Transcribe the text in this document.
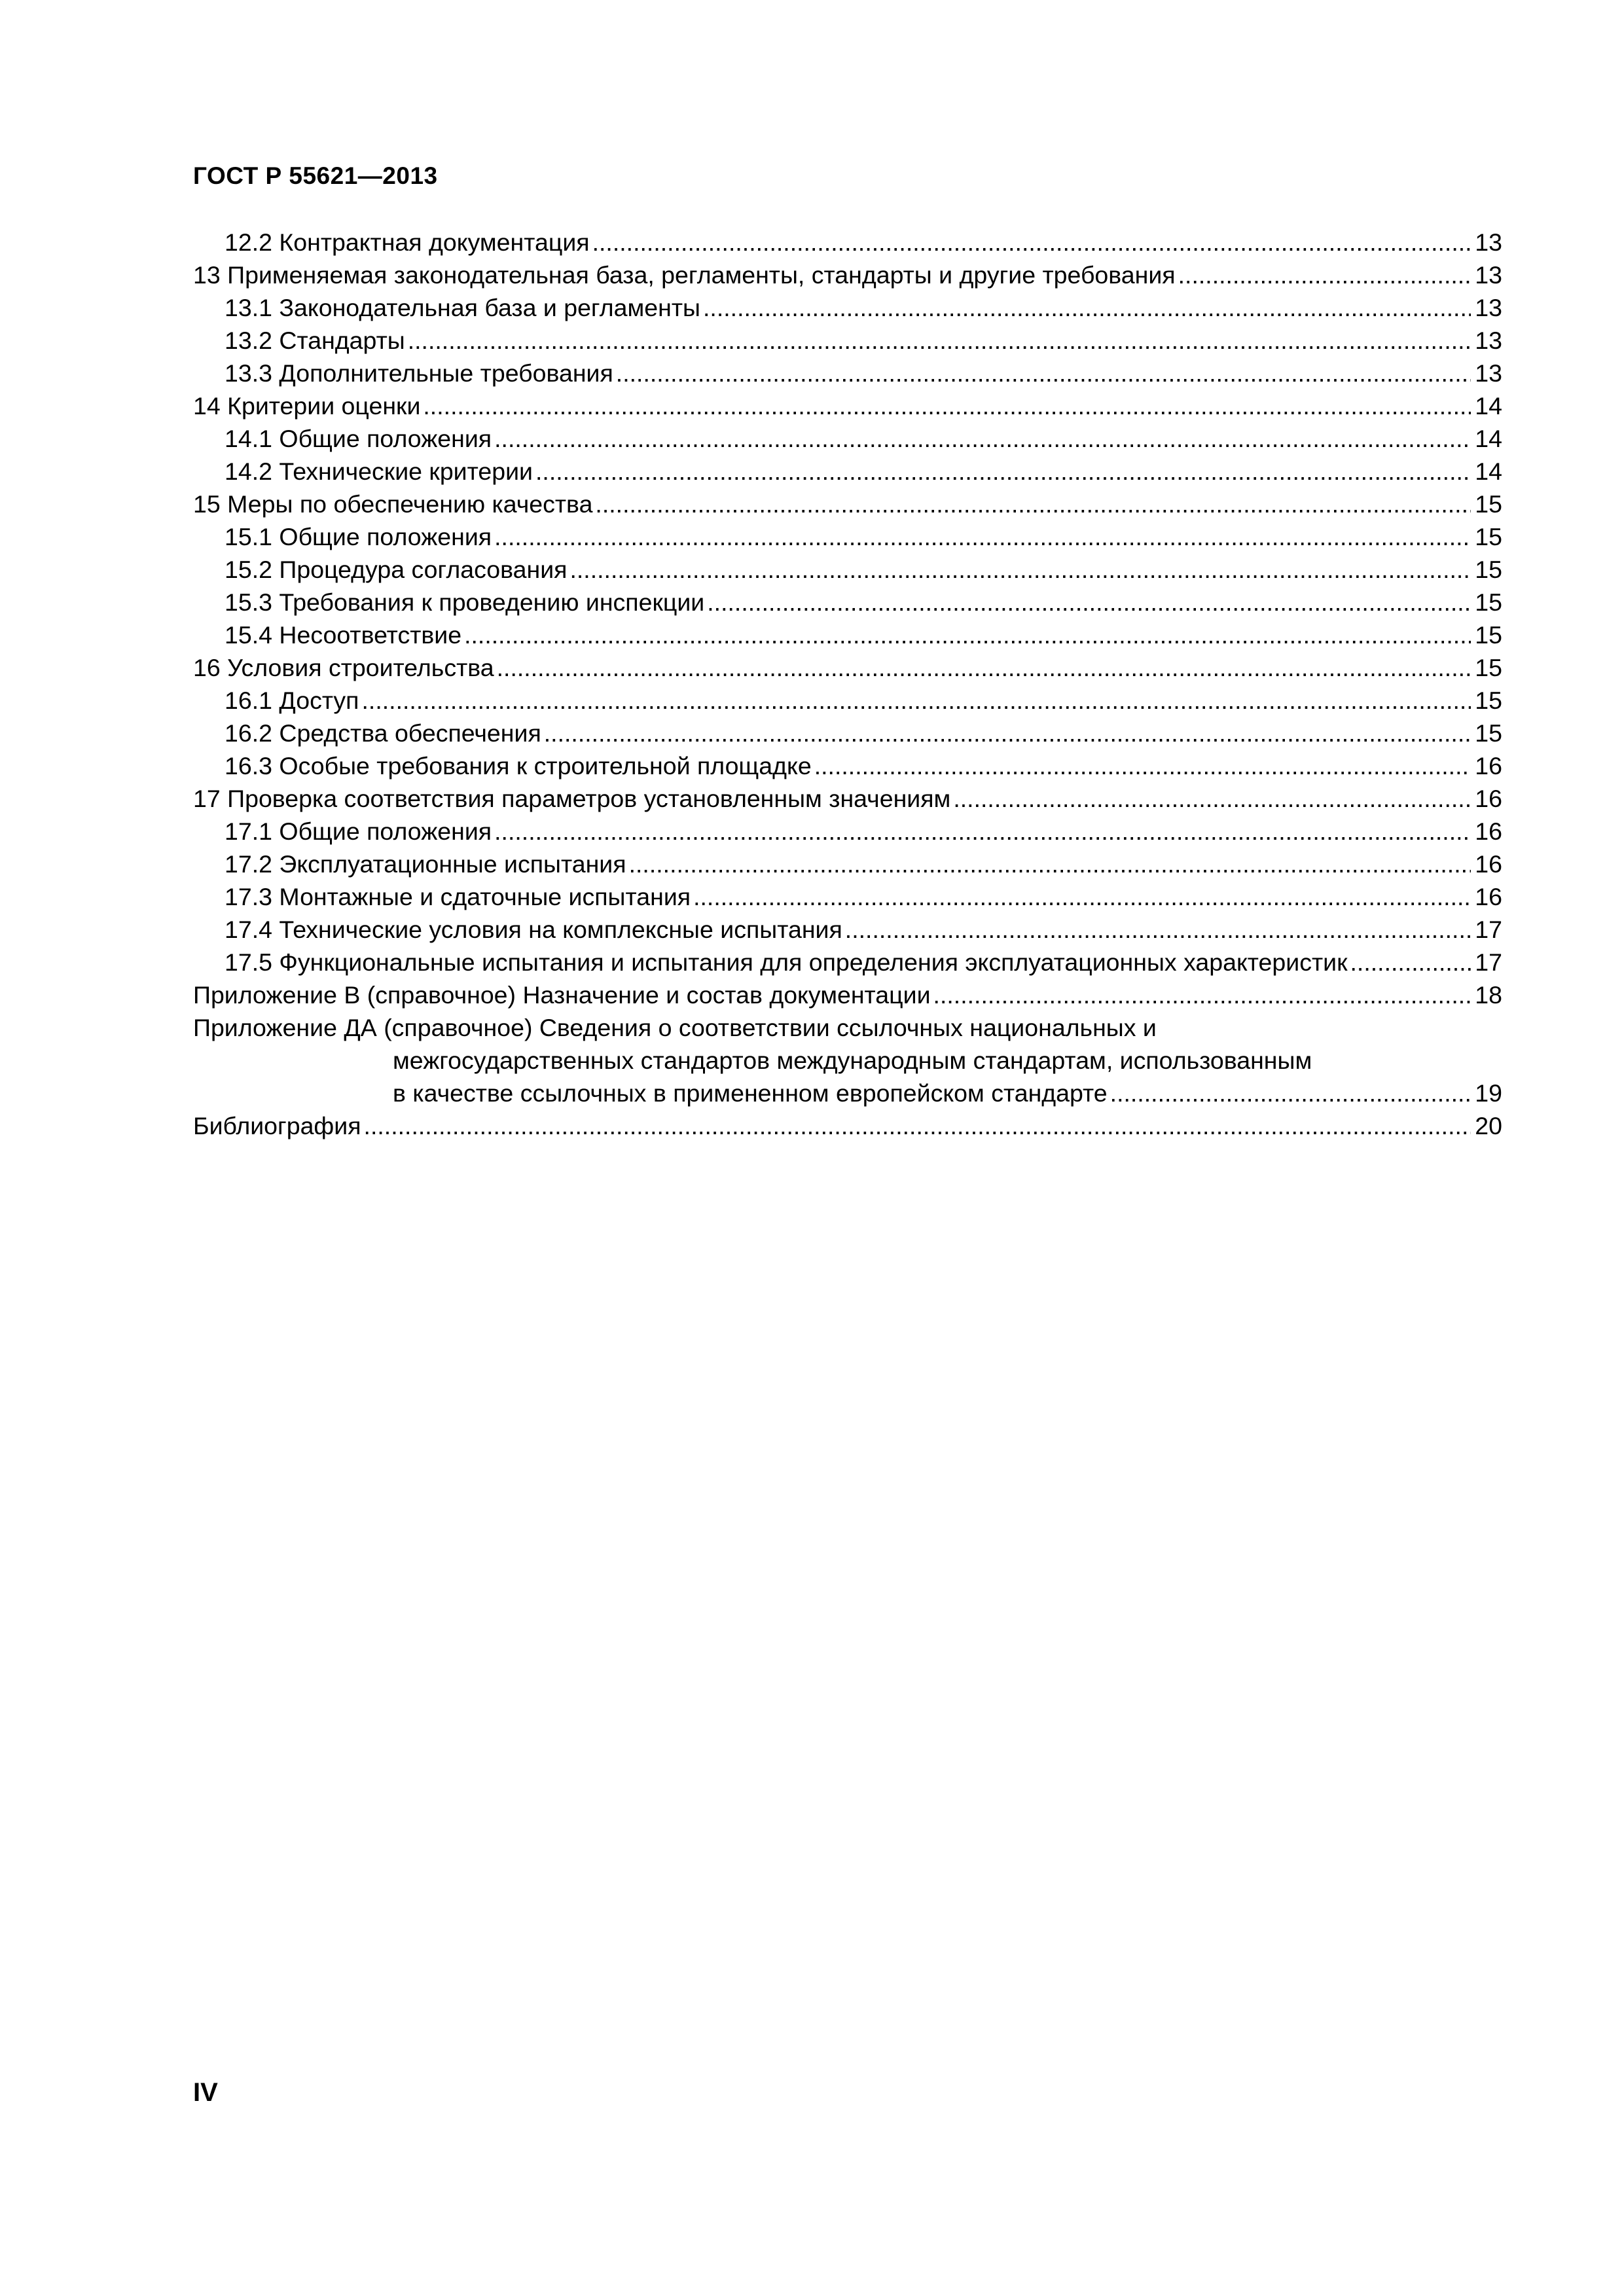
ГОСТ Р 55621—2013
12.2 Контрактная документация .....	13
13 Применяемая законодательная база, регламенты, стандарты и другие требования .....	13
13.1 Законодательная база и регламенты .....	13
13.2 Стандарты .....	13
13.3 Дополнительные требования .....	13
14 Критерии оценки .....	14
14.1 Общие положения .....	14
14.2 Технические критерии .....	14
15 Меры по обеспечению качества .....	15
15.1 Общие положения .....	15
15.2 Процедура согласования .....	15
15.3 Требования к проведению инспекции .....	15
15.4 Несоответствие .....	15
16 Условия строительства .....	15
16.1 Доступ .....	15
16.2 Средства обеспечения .....	15
16.3 Особые требования к строительной площадке .....	16
17 Проверка соответствия параметров установленным значениям .....	16
17.1 Общие положения .....	16
17.2 Эксплуатационные испытания .....	16
17.3 Монтажные и сдаточные испытания .....	16
17.4 Технические условия на комплексные испытания .....	17
17.5 Функциональные испытания и испытания для определения эксплуатационных характеристик .....	17
Приложение В (справочное) Назначение и состав документации .....	18
Приложение ДА (справочное) Сведения о соответствии ссылочных национальных и
межгосударственных стандартов международным стандартам, использованным
в качестве ссылочных в примененном европейском стандарте .....	19
Библиография .....	20
IV
